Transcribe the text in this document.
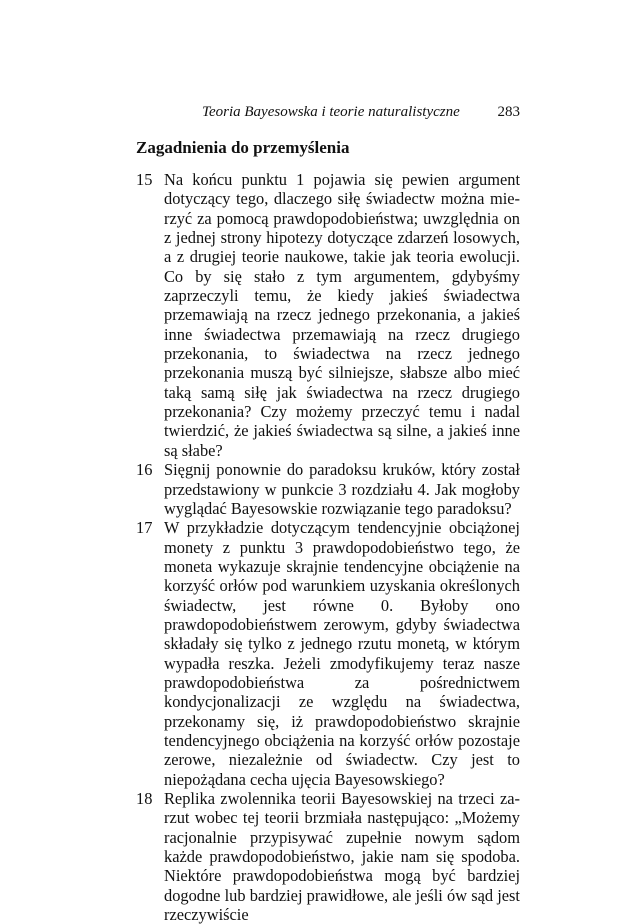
Teoria Bayesowska i teorie naturalistyczne	283
Zagadnienia do przemyślenia
15 Na końcu punktu 1 pojawia się pewien argument dotyczący tego, dlaczego siłę świadectw można mierzyć za pomocą prawdopodobieństwa; uwzględnia on z jednej strony hipotezy dotyczące zdarzeń losowych, a z drugiej teorie naukowe, takie jak teoria ewolucji. Co by się stało z tym argumentem, gdybyśmy zaprzeczyli temu, że kiedy jakieś świadectwa przemawiają na rzecz jednego przekonania, a jakieś inne świadectwa przemawiają na rzecz drugiego przekonania, to świadectwa na rzecz jednego przekonania muszą być silniejsze, słabsze albo mieć taką samą siłę jak świadectwa na rzecz drugiego przekonania? Czy możemy przeczyć temu i nadal twierdzić, że jakieś świadectwa są silne, a jakieś inne są słabe?
16 Sięgnij ponownie do paradoksu kruków, który został przedstawiony w punkcie 3 rozdziału 4. Jak mogłoby wyglądać Bayesowskie rozwiązanie tego paradoksu?
17 W przykładzie dotyczącym tendencyjnie obciążonej monety z punktu 3 prawdopodobieństwo tego, że moneta wykazuje skrajnie tendencyjne obciążenie na korzyść orłów pod warunkiem uzyskania określonych świadectw, jest równe 0. Byłoby ono prawdopodobieństwem zerowym, gdyby świadectwa składały się tylko z jednego rzutu monetą, w którym wypadła reszka. Jeżeli zmodyfikujemy teraz nasze prawdopodobieństwa za pośrednictwem kondycjonalizacji ze względu na świadectwa, przekonamy się, iż prawdopodobieństwo skrajnie tendencyjnego obciążenia na korzyść orłów pozostaje zerowe, niezależnie od świadectw. Czy jest to niepożądana cecha ujęcia Bayesowskiego?
18 Replika zwolennika teorii Bayesowskiej na trzeci zarzut wobec tej teorii brzmiała następująco: „Możemy racjonalnie przypisywać zupełnie nowym sądom każde prawdopodobieństwo, jakie nam się spodoba. Niektóre prawdopodobieństwa mogą być bardziej dogodne lub bardziej prawidłowe, ale jeśli ów sąd jest rzeczywiście
